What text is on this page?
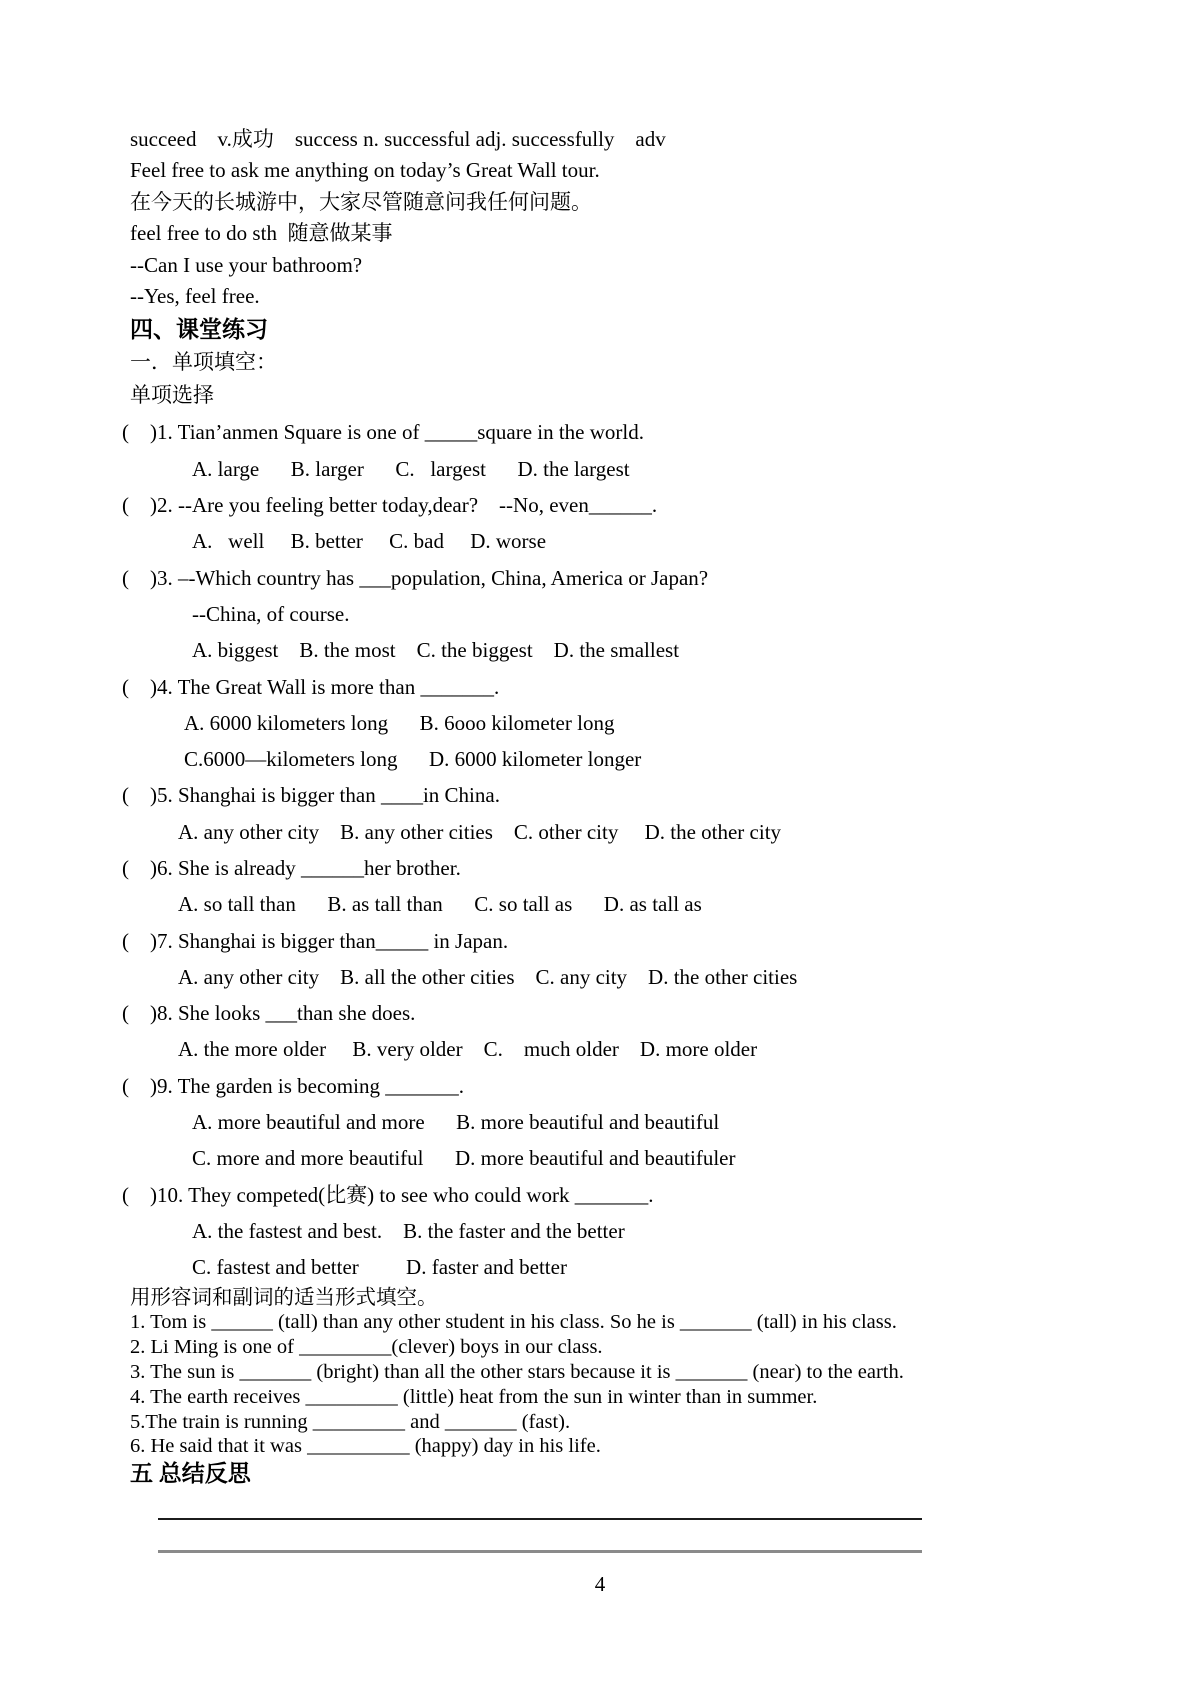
succeed    v.成功    success n. successful adj. successfully    adv
Feel free to ask me anything on today’s Great Wall tour.
在今天的长城游中，大家尽管随意问我任何问题。
feel free to do sth  随意做某事
--Can I use your bathroom?
--Yes, feel free.
四、课堂练习
一．单项填空：
单项选择
(    )1. Tian’anmen Square is one of _____square in the world.
A. large      B. larger      C.   largest      D. the largest
(    )2. --Are you feeling better today,dear?    --No, even______.
A.   well     B. better     C. bad     D. worse
(    )3. –-Which country has ___population, China, America or Japan?
--China, of course.
A. biggest    B. the most    C. the biggest    D. the smallest
(    )4. The Great Wall is more than _______.
A. 6000 kilometers long      B. 6ooo kilometer long
C.6000—kilometers long      D. 6000 kilometer longer
(    )5. Shanghai is bigger than ____in China.
A. any other city    B. any other cities    C. other city     D. the other city
(    )6. She is already ______her brother.
A. so tall than      B. as tall than      C. so tall as      D. as tall as
(    )7. Shanghai is bigger than_____ in Japan.
A. any other city    B. all the other cities    C. any city    D. the other cities
(    )8. She looks ___than she does.
A. the more older     B. very older    C.    much older    D. more older
(    )9. The garden is becoming _______.
A. more beautiful and more      B. more beautiful and beautiful
C. more and more beautiful      D. more beautiful and beautifuler
(    )10. They competed(比赛) to see who could work _______.
A. the fastest and best.    B. the faster and the better
C. fastest and better         D. faster and better
用形容词和副词的适当形式填空。
1. Tom is ______ (tall) than any other student in his class. So he is _______ (tall) in his class.
2. Li Ming is one of _________(clever) boys in our class.
3. The sun is _______ (bright) than all the other stars because it is _______ (near) to the earth.
4. The earth receives _________ (little) heat from the sun in winter than in summer.
5.The train is running _________ and _______ (fast).
6. He said that it was __________ (happy) day in his life.
五 总结反思
4
